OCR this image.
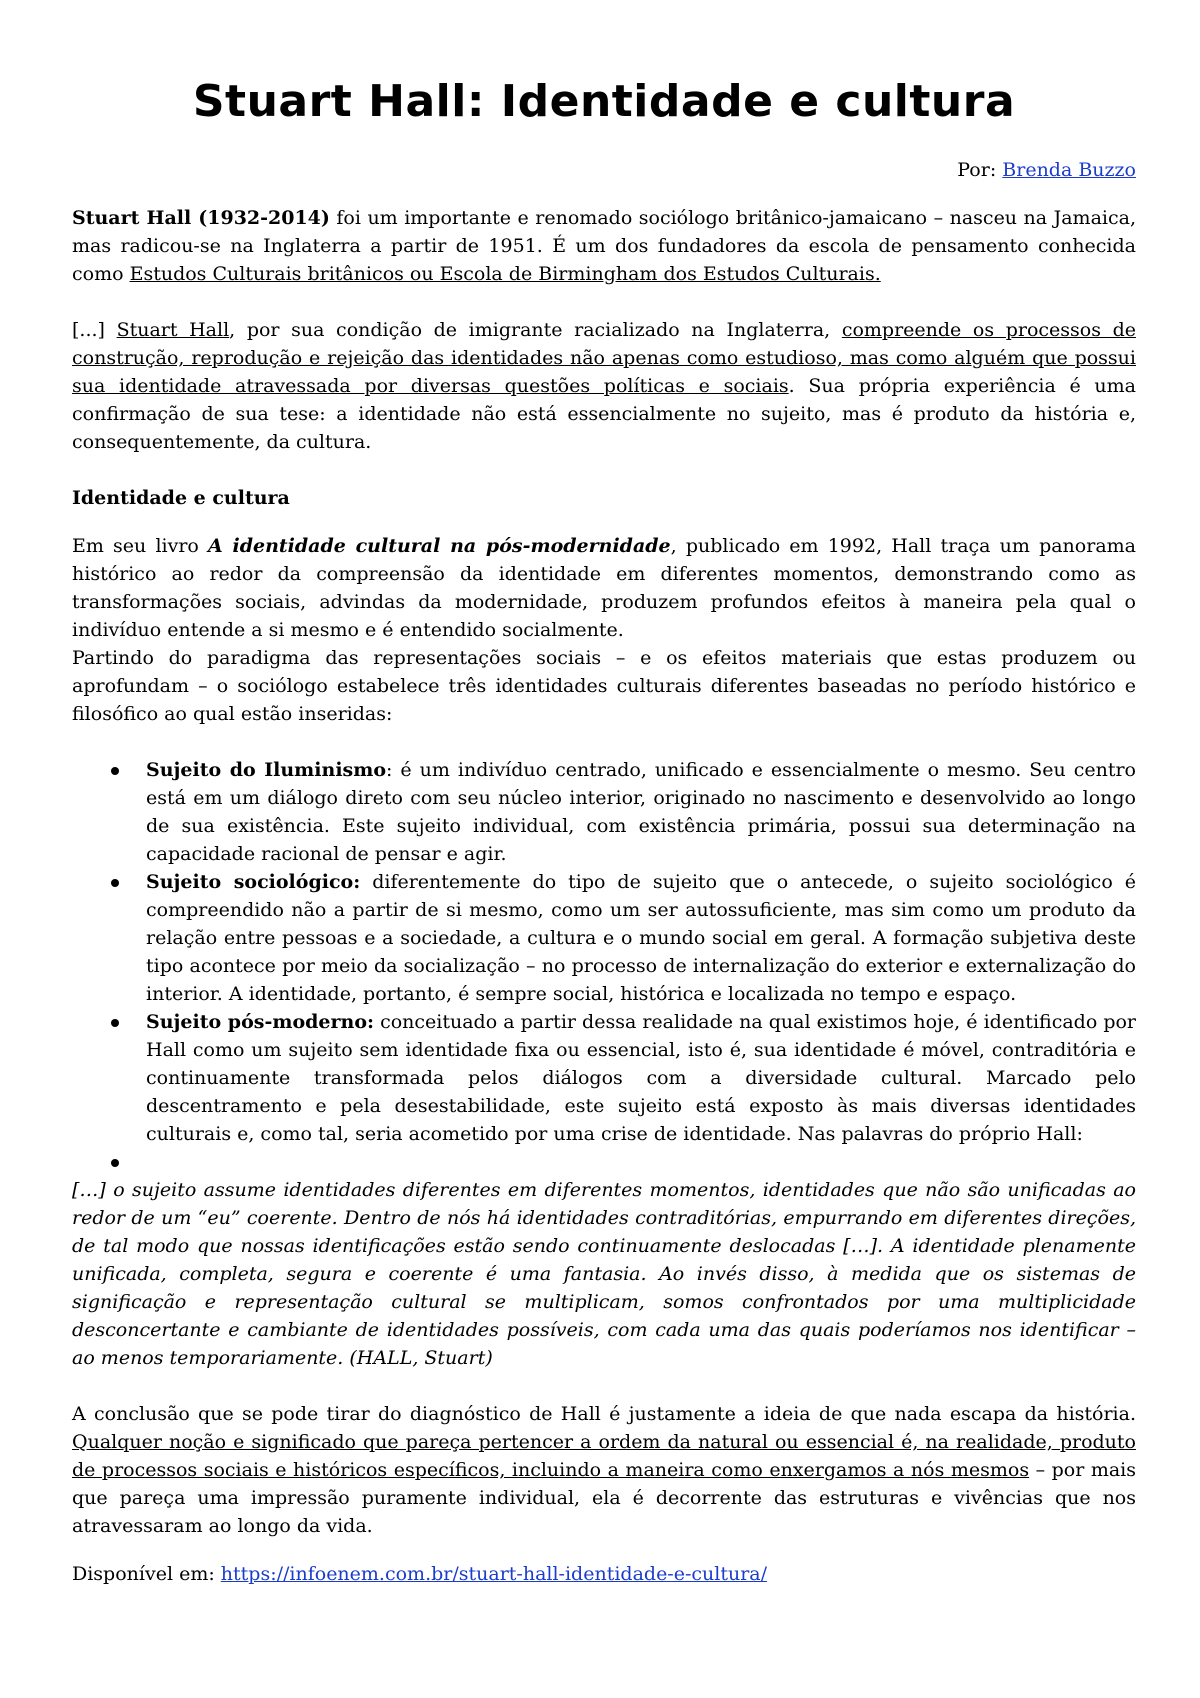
Stuart Hall: Identidade e cultura
Por: Brenda Buzzo

Stuart Hall (1932-2014) foi um importante e renomado sociólogo britânico-jamaicano – nasceu na Jamaica, mas radicou-se na Inglaterra a partir de 1951. É um dos fundadores da escola de pensamento conhecida como Estudos Culturais britânicos ou Escola de Birmingham dos Estudos Culturais.

[...] Stuart Hall, por sua condição de imigrante racializado na Inglaterra, compreende os processos de construção, reprodução e rejeição das identidades não apenas como estudioso, mas como alguém que possui sua identidade atravessada por diversas questões políticas e sociais. Sua própria experiência é uma confirmação de sua tese: a identidade não está essencialmente no sujeito, mas é produto da história e, consequentemente, da cultura.

Identidade e cultura

Em seu livro A identidade cultural na pós-modernidade, publicado em 1992, Hall traça um panorama histórico ao redor da compreensão da identidade em diferentes momentos, demonstrando como as transformações sociais, advindas da modernidade, produzem profundos efeitos à maneira pela qual o indivíduo entende a si mesmo e é entendido socialmente.

Partindo do paradigma das representações sociais – e os efeitos materiais que estas produzem ou aprofundam – o sociólogo estabelece três identidades culturais diferentes baseadas no período histórico e filosófico ao qual estão inseridas:

Sujeito do Iluminismo: é um indivíduo centrado, unificado e essencialmente o mesmo. Seu centro está em um diálogo direto com seu núcleo interior, originado no nascimento e desenvolvido ao longo de sua existência. Este sujeito individual, com existência primária, possui sua determinação na capacidade racional de pensar e agir.
Sujeito sociológico: diferentemente do tipo de sujeito que o antecede, o sujeito sociológico é compreendido não a partir de si mesmo, como um ser autossuficiente, mas sim como um produto da relação entre pessoas e a sociedade, a cultura e o mundo social em geral. A formação subjetiva deste tipo acontece por meio da socialização – no processo de internalização do exterior e externalização do interior. A identidade, portanto, é sempre social, histórica e localizada no tempo e espaço.
Sujeito pós-moderno: conceituado a partir dessa realidade na qual existimos hoje, é identificado por Hall como um sujeito sem identidade fixa ou essencial, isto é, sua identidade é móvel, contraditória e continuamente transformada pelos diálogos com a diversidade cultural. Marcado pelo descentramento e pela desestabilidade, este sujeito está exposto às mais diversas identidades culturais e, como tal, seria acometido por uma crise de identidade. Nas palavras do próprio Hall:

[…] o sujeito assume identidades diferentes em diferentes momentos, identidades que não são unificadas ao redor de um “eu” coerente. Dentro de nós há identidades contraditórias, empurrando em diferentes direções, de tal modo que nossas identificações estão sendo continuamente deslocadas […]. A identidade plenamente unificada, completa, segura e coerente é uma fantasia. Ao invés disso, à medida que os sistemas de significação e representação cultural se multiplicam, somos confrontados por uma multiplicidade desconcertante e cambiante de identidades possíveis, com cada uma das quais poderíamos nos identificar – ao menos temporariamente. (HALL, Stuart)

A conclusão que se pode tirar do diagnóstico de Hall é justamente a ideia de que nada escapa da história. Qualquer noção e significado que pareça pertencer a ordem da natural ou essencial é, na realidade, produto de processos sociais e históricos específicos, incluindo a maneira como enxergamos a nós mesmos – por mais que pareça uma impressão puramente individual, ela é decorrente das estruturas e vivências que nos atravessaram ao longo da vida.

Disponível em: https://infoenem.com.br/stuart-hall-identidade-e-cultura/
